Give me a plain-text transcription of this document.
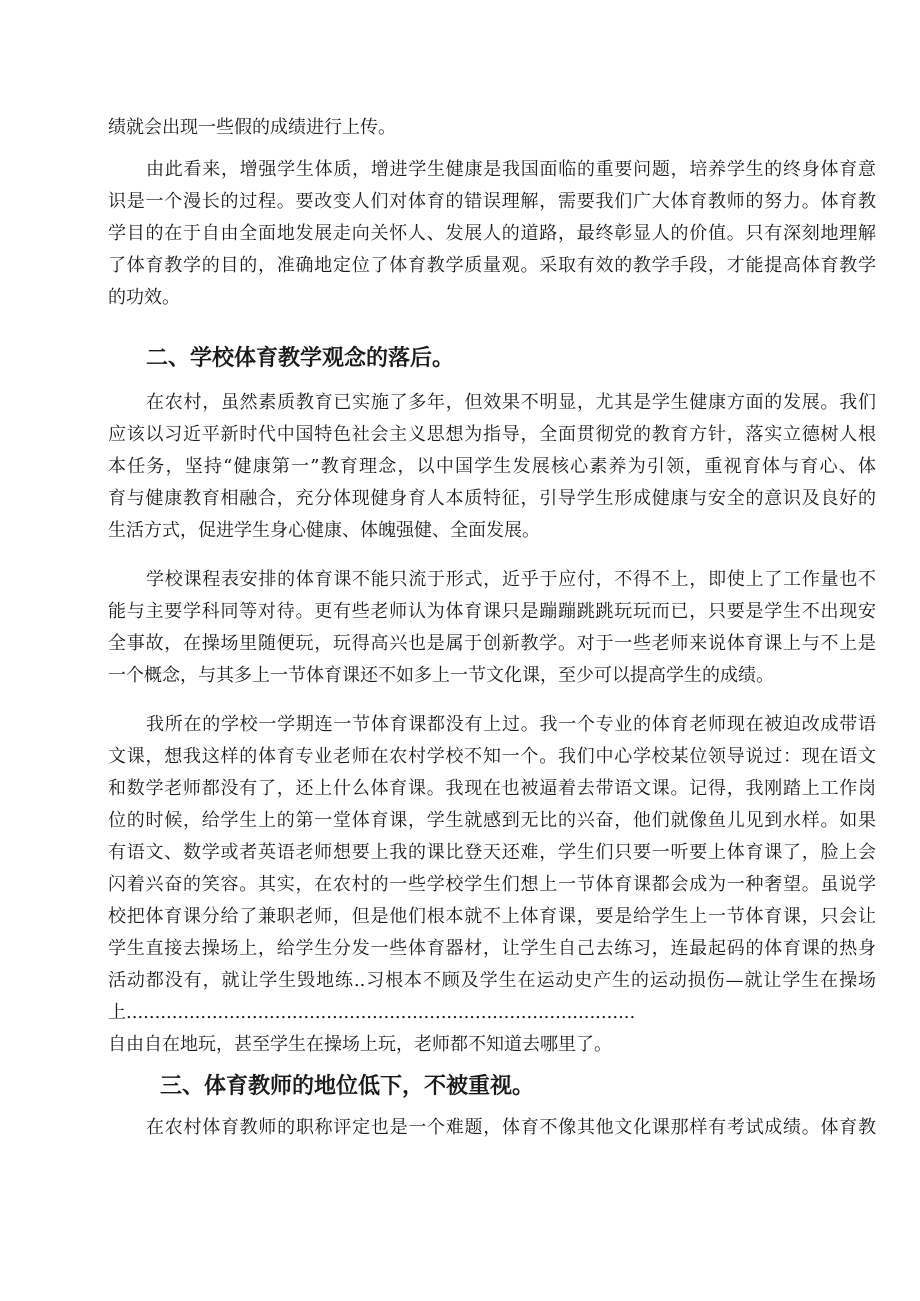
绩就会出现一些假的成绩进行上传。
由此看来，增强学生体质，增进学生健康是我国面临的重要问题，培养学生的终身体育意
识是一个漫长的过程。要改变人们对体育的错误理解，需要我们广大体育教师的努力。体育教
学目的在于自由全面地发展走向关怀人、发展人的道路，最终彰显人的价值。只有深刻地理解
了体育教学的目的，准确地定位了体育教学质量观。采取有效的教学手段，才能提高体育教学
的功效。
二、学校体育教学观念的落后。
在农村，虽然素质教育已实施了多年，但效果不明显，尤其是学生健康方面的发展。我们
应该以习近平新时代中国特色社会主义思想为指导，全面贯彻党的教育方针，落实立德树人根
本任务，坚持“健康第一”教育理念，以中国学生发展核心素养为引领，重视育体与育心、体
育与健康教育相融合，充分体现健身育人本质特征，引导学生形成健康与安全的意识及良好的
生活方式，促进学生身心健康、体魄强健、全面发展。
学校课程表安排的体育课不能只流于形式，近乎于应付，不得不上，即使上了工作量也不
能与主要学科同等对待。更有些老师认为体育课只是蹦蹦跳跳玩玩而已，只要是学生不出现安
全事故，在操场里随便玩，玩得高兴也是属于创新教学。对于一些老师来说体育课上与不上是
一个概念，与其多上一节体育课还不如多上一节文化课，至少可以提高学生的成绩。
我所在的学校一学期连一节体育课都没有上过。我一个专业的体育老师现在被迫改成带语
文课，想我这样的体育专业老师在农村学校不知一个。我们中心学校某位领导说过：现在语文
和数学老师都没有了，还上什么体育课。我现在也被逼着去带语文课。记得，我刚踏上工作岗
位的时候，给学生上的第一堂体育课，学生就感到无比的兴奋，他们就像鱼儿见到水样。如果
有语文、数学或者英语老师想要上我的课比登天还难，学生们只要一听要上体育课了，脸上会
闪着兴奋的笑容。其实，在农村的一些学校学生们想上一节体育课都会成为一种奢望。虽说学
校把体育课分给了兼职老师，但是他们根本就不上体育课，要是给学生上一节体育课，只会让
学生直接去操场上，给学生分发一些体育器材，让学生自己去练习，连最起码的体育课的热身
活动都没有，就让学生毁地练..习根本不顾及学生在运动史产生的运动损伤—就让学生在操场
上.........................................................................................
自由自在地玩，甚至学生在操场上玩，老师都不知道去哪里了。
三、体育教师的地位低下，不被重视。
在农村体育教师的职称评定也是一个难题，体育不像其他文化课那样有考试成绩。体育教
